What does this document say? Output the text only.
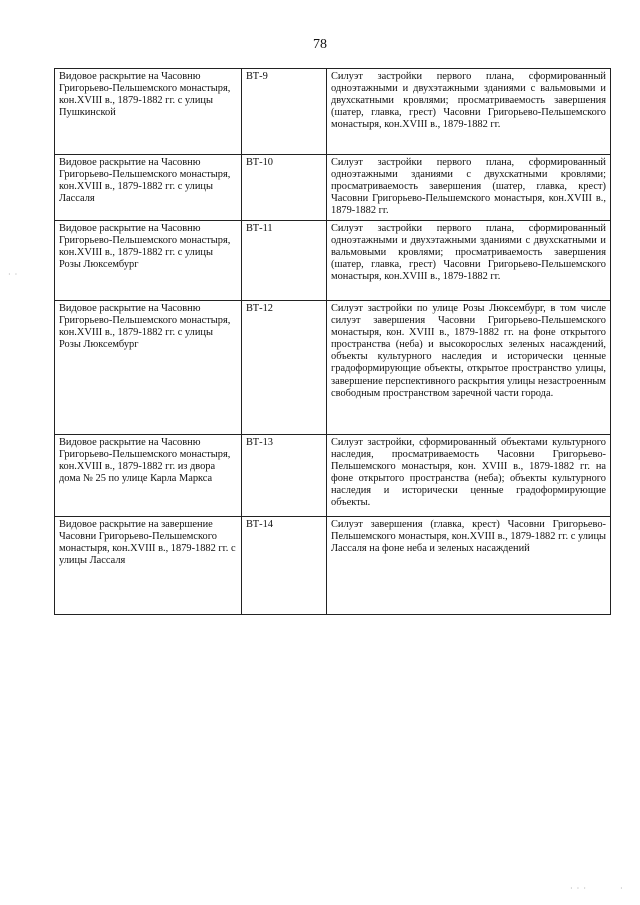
78
Видовое раскрытие на Часовню Григорьево-Пельшемского монастыря, кон.XVIII в., 1879-1882 гг. с улицы Пушкинской	ВТ-9	Силуэт застройки первого плана, сформированный одноэтажными и двухэтажными зданиями с вальмовыми и двухскатными кровлями; просматриваемость завершения (шатер, главка, грест) Часовни Григорьево-Пельшемского монастыря, кон.XVIII в., 1879-1882 гг.
Видовое раскрытие на Часовню Григорьево-Пельшемского монастыря, кон.XVIII в., 1879-1882 гг. с улицы Лассаля	ВТ-10	Силуэт застройки первого плана, сформированный одноэтажными зданиями с двухскатными кровлями; просматриваемость завершения (шатер, главка, крест) Часовни Григорьево-Пельшемского монастыря, кон.XVIII в., 1879-1882 гг.
Видовое раскрытие на Часовню Григорьево-Пельшемского монастыря, кон.XVIII в., 1879-1882 гг. с улицы Розы Люксембург	ВТ-11	Силуэт застройки первого плана, сформированный одноэтажными и двухэтажными зданиями с двухскатными и вальмовыми кровлями; просматриваемость завершения (шатер, главка, грест) Часовни Григорьево-Пельшемского монастыря, кон.XVIII в., 1879-1882 гг.
Видовое раскрытие на Часовню Григорьево-Пельшемского монастыря, кон.XVIII в., 1879-1882 гг. с улицы Розы Люксембург	ВТ-12	Силуэт застройки по улице Розы Люксембург, в том числе силуэт завершения Часовни Григорьево-Пельшемского монастыря, кон. XVIII в., 1879-1882 гг. на фоне открытого пространства (неба) и высокорослых зеленых насаждений, объекты культурного наследия и исторически ценные градоформирующие объекты, открытое пространство улицы, завершение перспективного раскрытия улицы незастроенным свободным пространством заречной части города.
Видовое раскрытие на Часовню Григорьево-Пельшемского монастыря, кон.XVIII в., 1879-1882 гг. из двора дома № 25 по улице Карла Маркса	ВТ-13	Силуэт застройки, сформированный объектами культурного наследия, просматриваемость Часовни Григорьево-Пельшемского монастыря, кон. XVIII в., 1879-1882 гг. на фоне открытого пространства (неба); объекты культурного наследия и исторически ценные градоформирующие объекты.
Видовое раскрытие на завершение Часовни Григорьево-Пельшемского монастыря, кон.XVIII в., 1879-1882 гг. с улицы Лассаля	ВТ-14	Силуэт завершения (главка, крест) Часовни Григорьево-Пельшемского монастыря, кон.XVIII в., 1879-1882 гг. с улицы Лассаля на фоне неба и зеленых насаждений
· ·
· · ·	·
